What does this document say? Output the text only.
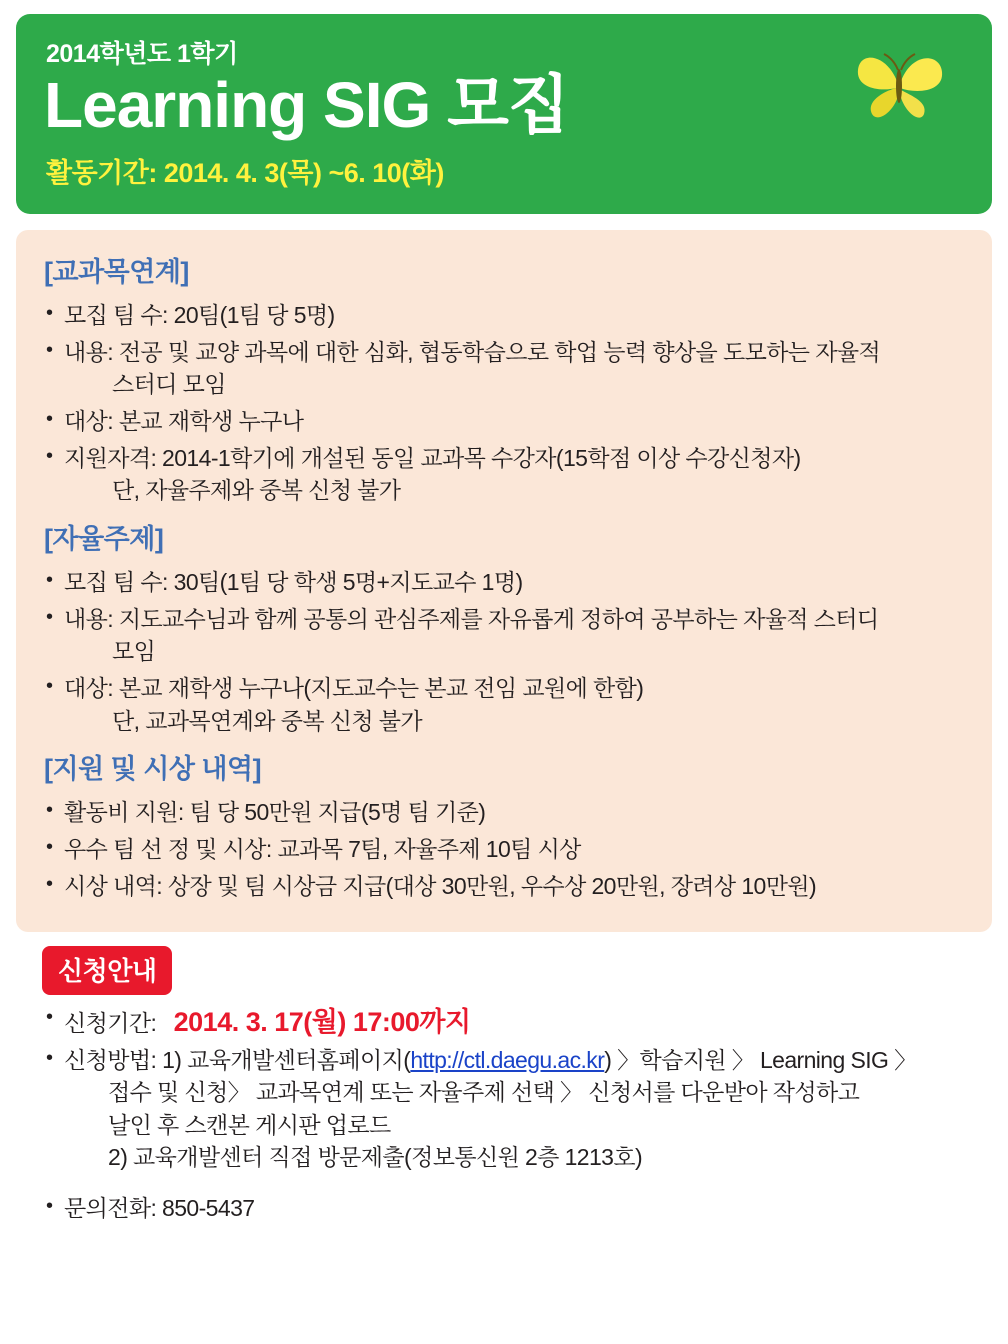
2014학년도 1학기
Learning SIG 모집
활동기간: 2014. 4. 3(목) ~6. 10(화)
[교과목연계]
• 모집 팀 수: 20팀(1팀 당 5명)
• 내용: 전공 및 교양 과목에 대한 심화, 협동학습으로 학업 능력 향상을 도모하는 자율적
스터디 모임
• 대상: 본교 재학생 누구나
• 지원자격: 2014-1학기에 개설된 동일 교과목 수강자(15학점 이상 수강신청자)
단, 자율주제와 중복 신청 불가
[자율주제]
• 모집 팀 수: 30팀(1팀 당 학생 5명+지도교수 1명)
• 내용: 지도교수님과 함께 공통의 관심주제를 자유롭게 정하여 공부하는 자율적 스터디
모임
• 대상: 본교 재학생 누구나(지도교수는 본교 전임 교원에 한함)
단, 교과목연계와 중복 신청 불가
[지원 및 시상 내역]
• 활동비 지원: 팀 당 50만원 지급(5명 팀 기준)
• 우수 팀 선 정 및 시상: 교과목 7팀, 자율주제 10팀 시상
• 시상 내역: 상장 및 팀 시상금 지급(대상 30만원, 우수상 20만원, 장려상 10만원)
신청안내
• 신청기간: 2014. 3. 17(월) 17:00까지
• 신청방법: 1) 교육개발센터홈페이지(http://ctl.daegu.ac.kr) 〉학습지원 〉 Learning SIG 〉
접수 및 신청〉 교과목연계 또는 자율주제 선택 〉 신청서를 다운받아 작성하고
날인 후 스캔본 게시판 업로드
2) 교육개발센터 직접 방문제출(정보통신원 2층 1213호)
• 문의전화: 850-5437
